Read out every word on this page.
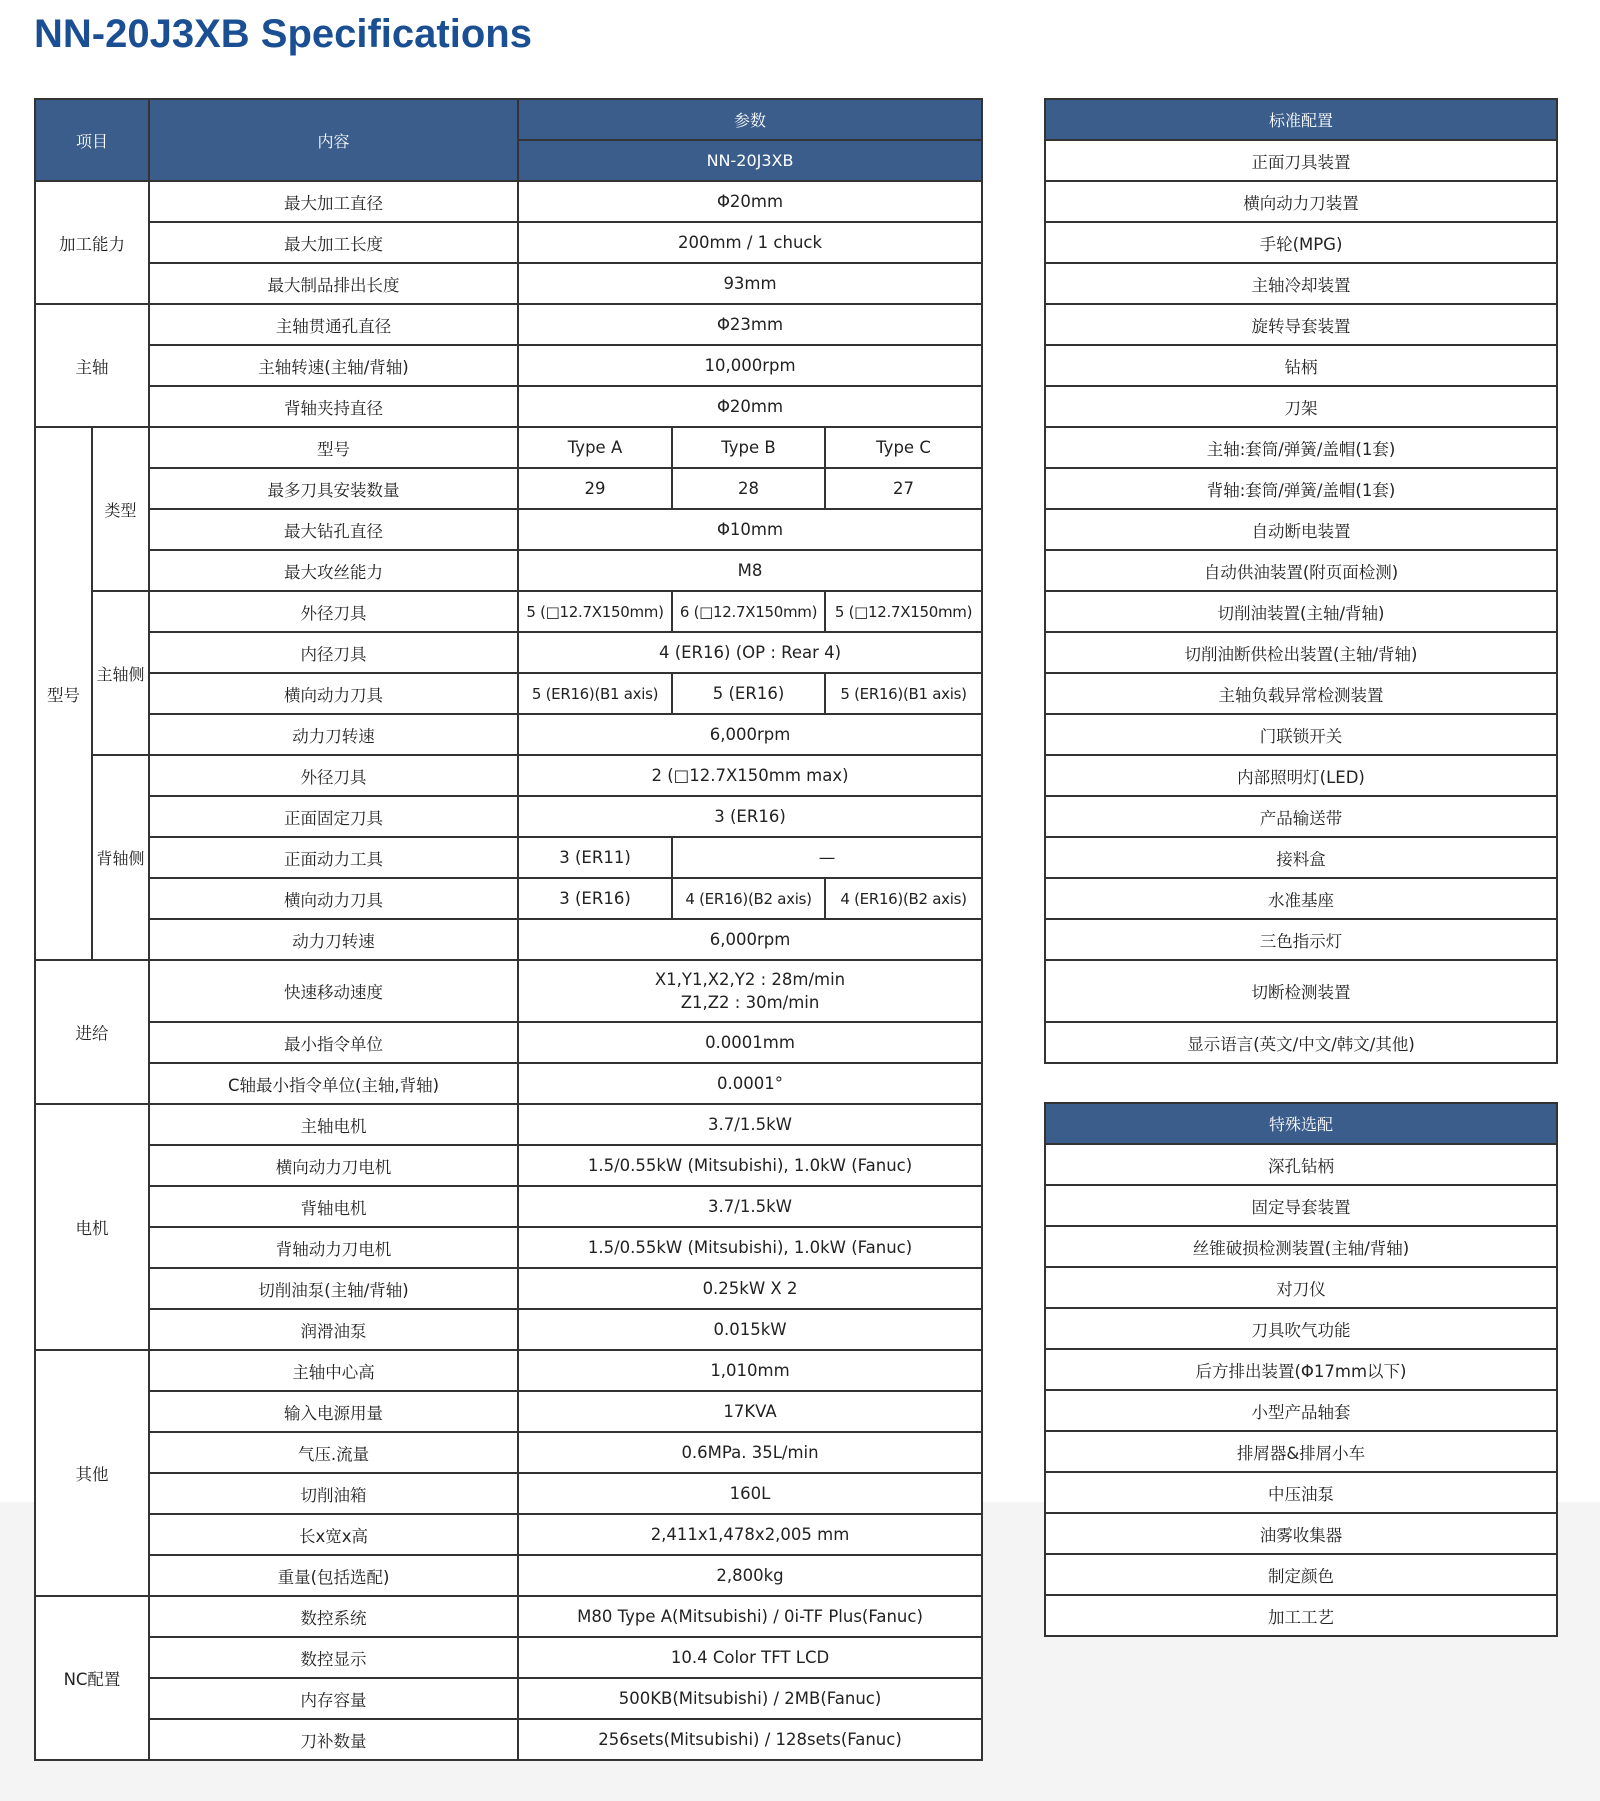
NN-20J3XB Specifications
项目		内容	参数		
			NN-20J3XB		
加工能力		最大加工直径	Φ20mm		
		最大加工长度	200mm / 1 chuck		
		最大制品排出长度	93mm		
主轴		主轴贯通孔直径	Φ23mm		
		主轴转速(主轴/背轴)	10,000rpm		
		背轴夹持直径	Φ20mm		
型号	类型	型号	Type A	Type B	Type C
		最多刀具安装数量	29	28	27
		最大钻孔直径	Φ10mm		
		最大攻丝能力	M8		
	主轴侧	外径刀具	5 (□12.7X150mm)	6 (□12.7X150mm)	5 (□12.7X150mm)
		内径刀具	4 (ER16) (OP : Rear 4)		
		横向动力刀具	5 (ER16)(B1 axis)	5 (ER16)	5 (ER16)(B1 axis)
		动力刀转速	6,000rpm		
	背轴侧	外径刀具	2 (□12.7X150mm max)		
		正面固定刀具	3 (ER16)		
		正面动力工具	3 (ER11)	—	
		横向动力刀具	3 (ER16)	4 (ER16)(B2 axis)	4 (ER16)(B2 axis)
		动力刀转速	6,000rpm		
进给		快速移动速度	X1,Y1,X2,Y2 : 28m/min
Z1,Z2 : 30m/min		

		最小指令单位	0.0001mm		
		C轴最小指令单位(主轴,背轴)	0.0001°		
电机		主轴电机	3.7/1.5kW		
		横向动力刀电机	1.5/0.55kW (Mitsubishi), 1.0kW (Fanuc)		
		背轴电机	3.7/1.5kW		
		背轴动力刀电机	1.5/0.55kW (Mitsubishi), 1.0kW (Fanuc)		
		切削油泵(主轴/背轴)	0.25kW X 2		
		润滑油泵	0.015kW		
其他		主轴中心高	1,010mm		
		输入电源用量	17KVA		
		气压.流量	0.6MPa. 35L/min		
		切削油箱	160L		
		长x宽x高	2,411x1,478x2,005 mm		
		重量(包括选配)	2,800kg		
NC配置		数控系统	M80 Type A(Mitsubishi) / 0i-TF Plus(Fanuc)		
		数控显示	10.4 Color TFT LCD		
		内存容量	500KB(Mitsubishi) / 2MB(Fanuc)		
		刀补数量	256sets(Mitsubishi) / 128sets(Fanuc)		
标准配置
正面刀具装置
横向动力刀装置
手轮(MPG)
主轴冷却装置
旋转导套装置
钻柄
刀架
主轴:套筒/弹簧/盖帽(1套)
背轴:套筒/弹簧/盖帽(1套)
自动断电装置
自动供油装置(附页面检测)
切削油装置(主轴/背轴)
切削油断供检出装置(主轴/背轴)
主轴负载异常检测装置
门联锁开关
内部照明灯(LED)
产品输送带
接料盒
水准基座
三色指示灯
切断检测装置
显示语言(英文/中文/韩文/其他)
特殊选配
深孔钻柄
固定导套装置
丝锥破损检测装置(主轴/背轴)
对刀仪
刀具吹气功能
后方排出装置(Φ17mm以下)
小型产品轴套
排屑器&排屑小车
中压油泵
油雾收集器
制定颜色
加工工艺
